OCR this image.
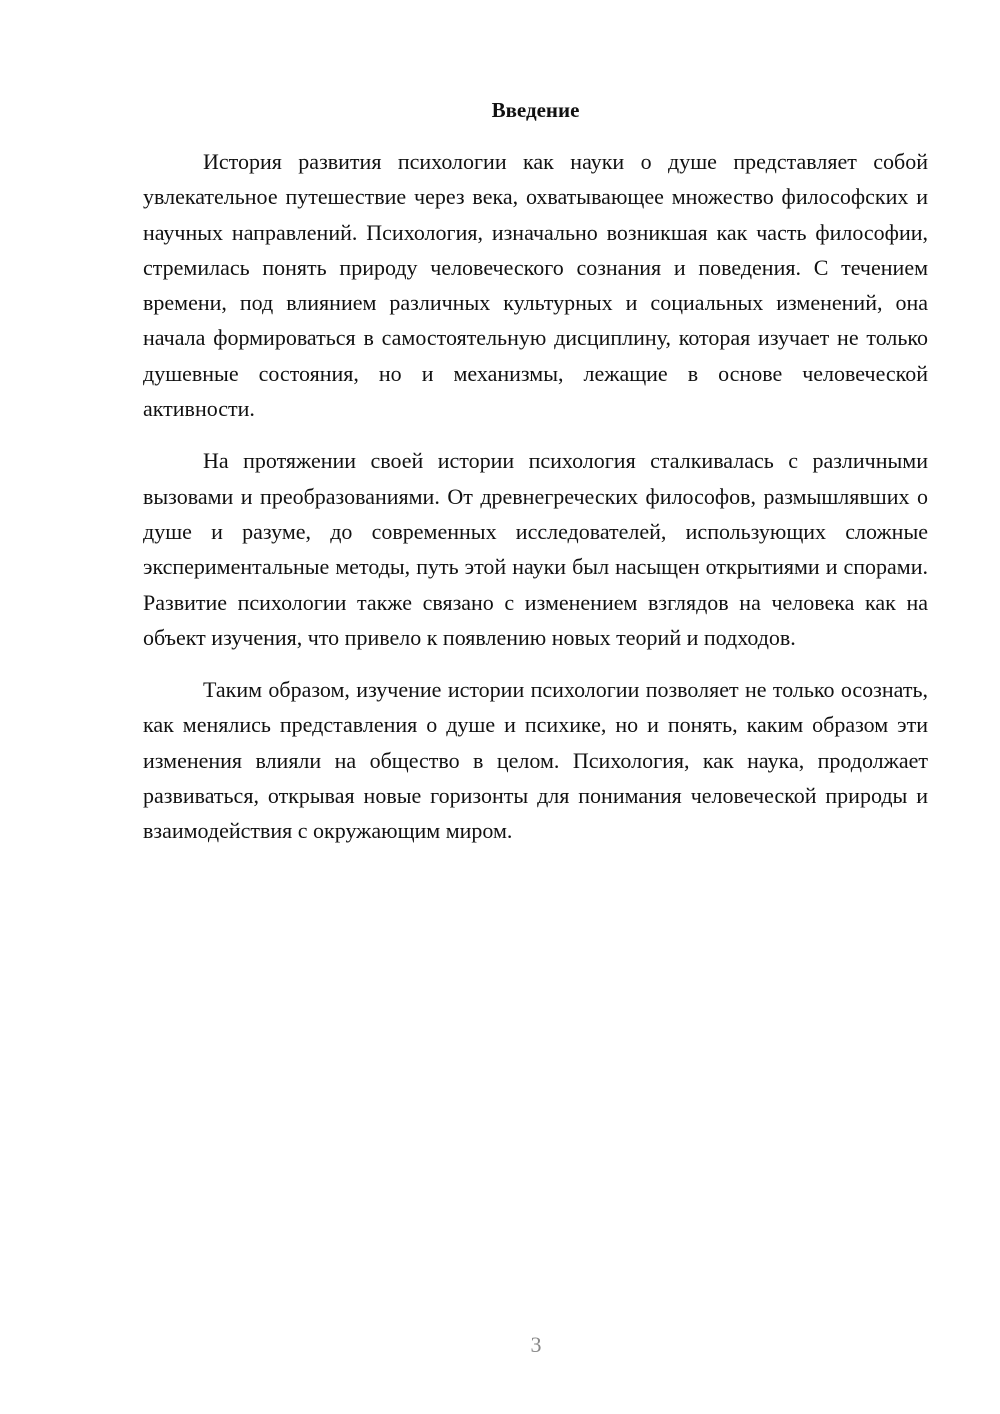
Введение

История развития психологии как науки о душе представляет собой увлекательное путешествие через века, охватывающее множество философских и научных направлений. Психология, изначально возникшая как часть философии, стремилась понять природу человеческого сознания и поведения. С течением времени, под влиянием различных культурных и социальных изменений, она начала формироваться в самостоятельную дисциплину, которая изучает не только душевные состояния, но и механизмы, лежащие в основе человеческой активности.

На протяжении своей истории психология сталкивалась с различными вызовами и преобразованиями. От древнегреческих философов, размышлявших о душе и разуме, до современных исследователей, использующих сложные экспериментальные методы, путь этой науки был насыщен открытиями и спорами. Развитие психологии также связано с изменением взглядов на человека как на объект изучения, что привело к появлению новых теорий и подходов.

Таким образом, изучение истории психологии позволяет не только осознать, как менялись представления о душе и психике, но и понять, каким образом эти изменения влияли на общество в целом. Психология, как наука, продолжает развиваться, открывая новые горизонты для понимания человеческой природы и взаимодействия с окружающим миром.

3
